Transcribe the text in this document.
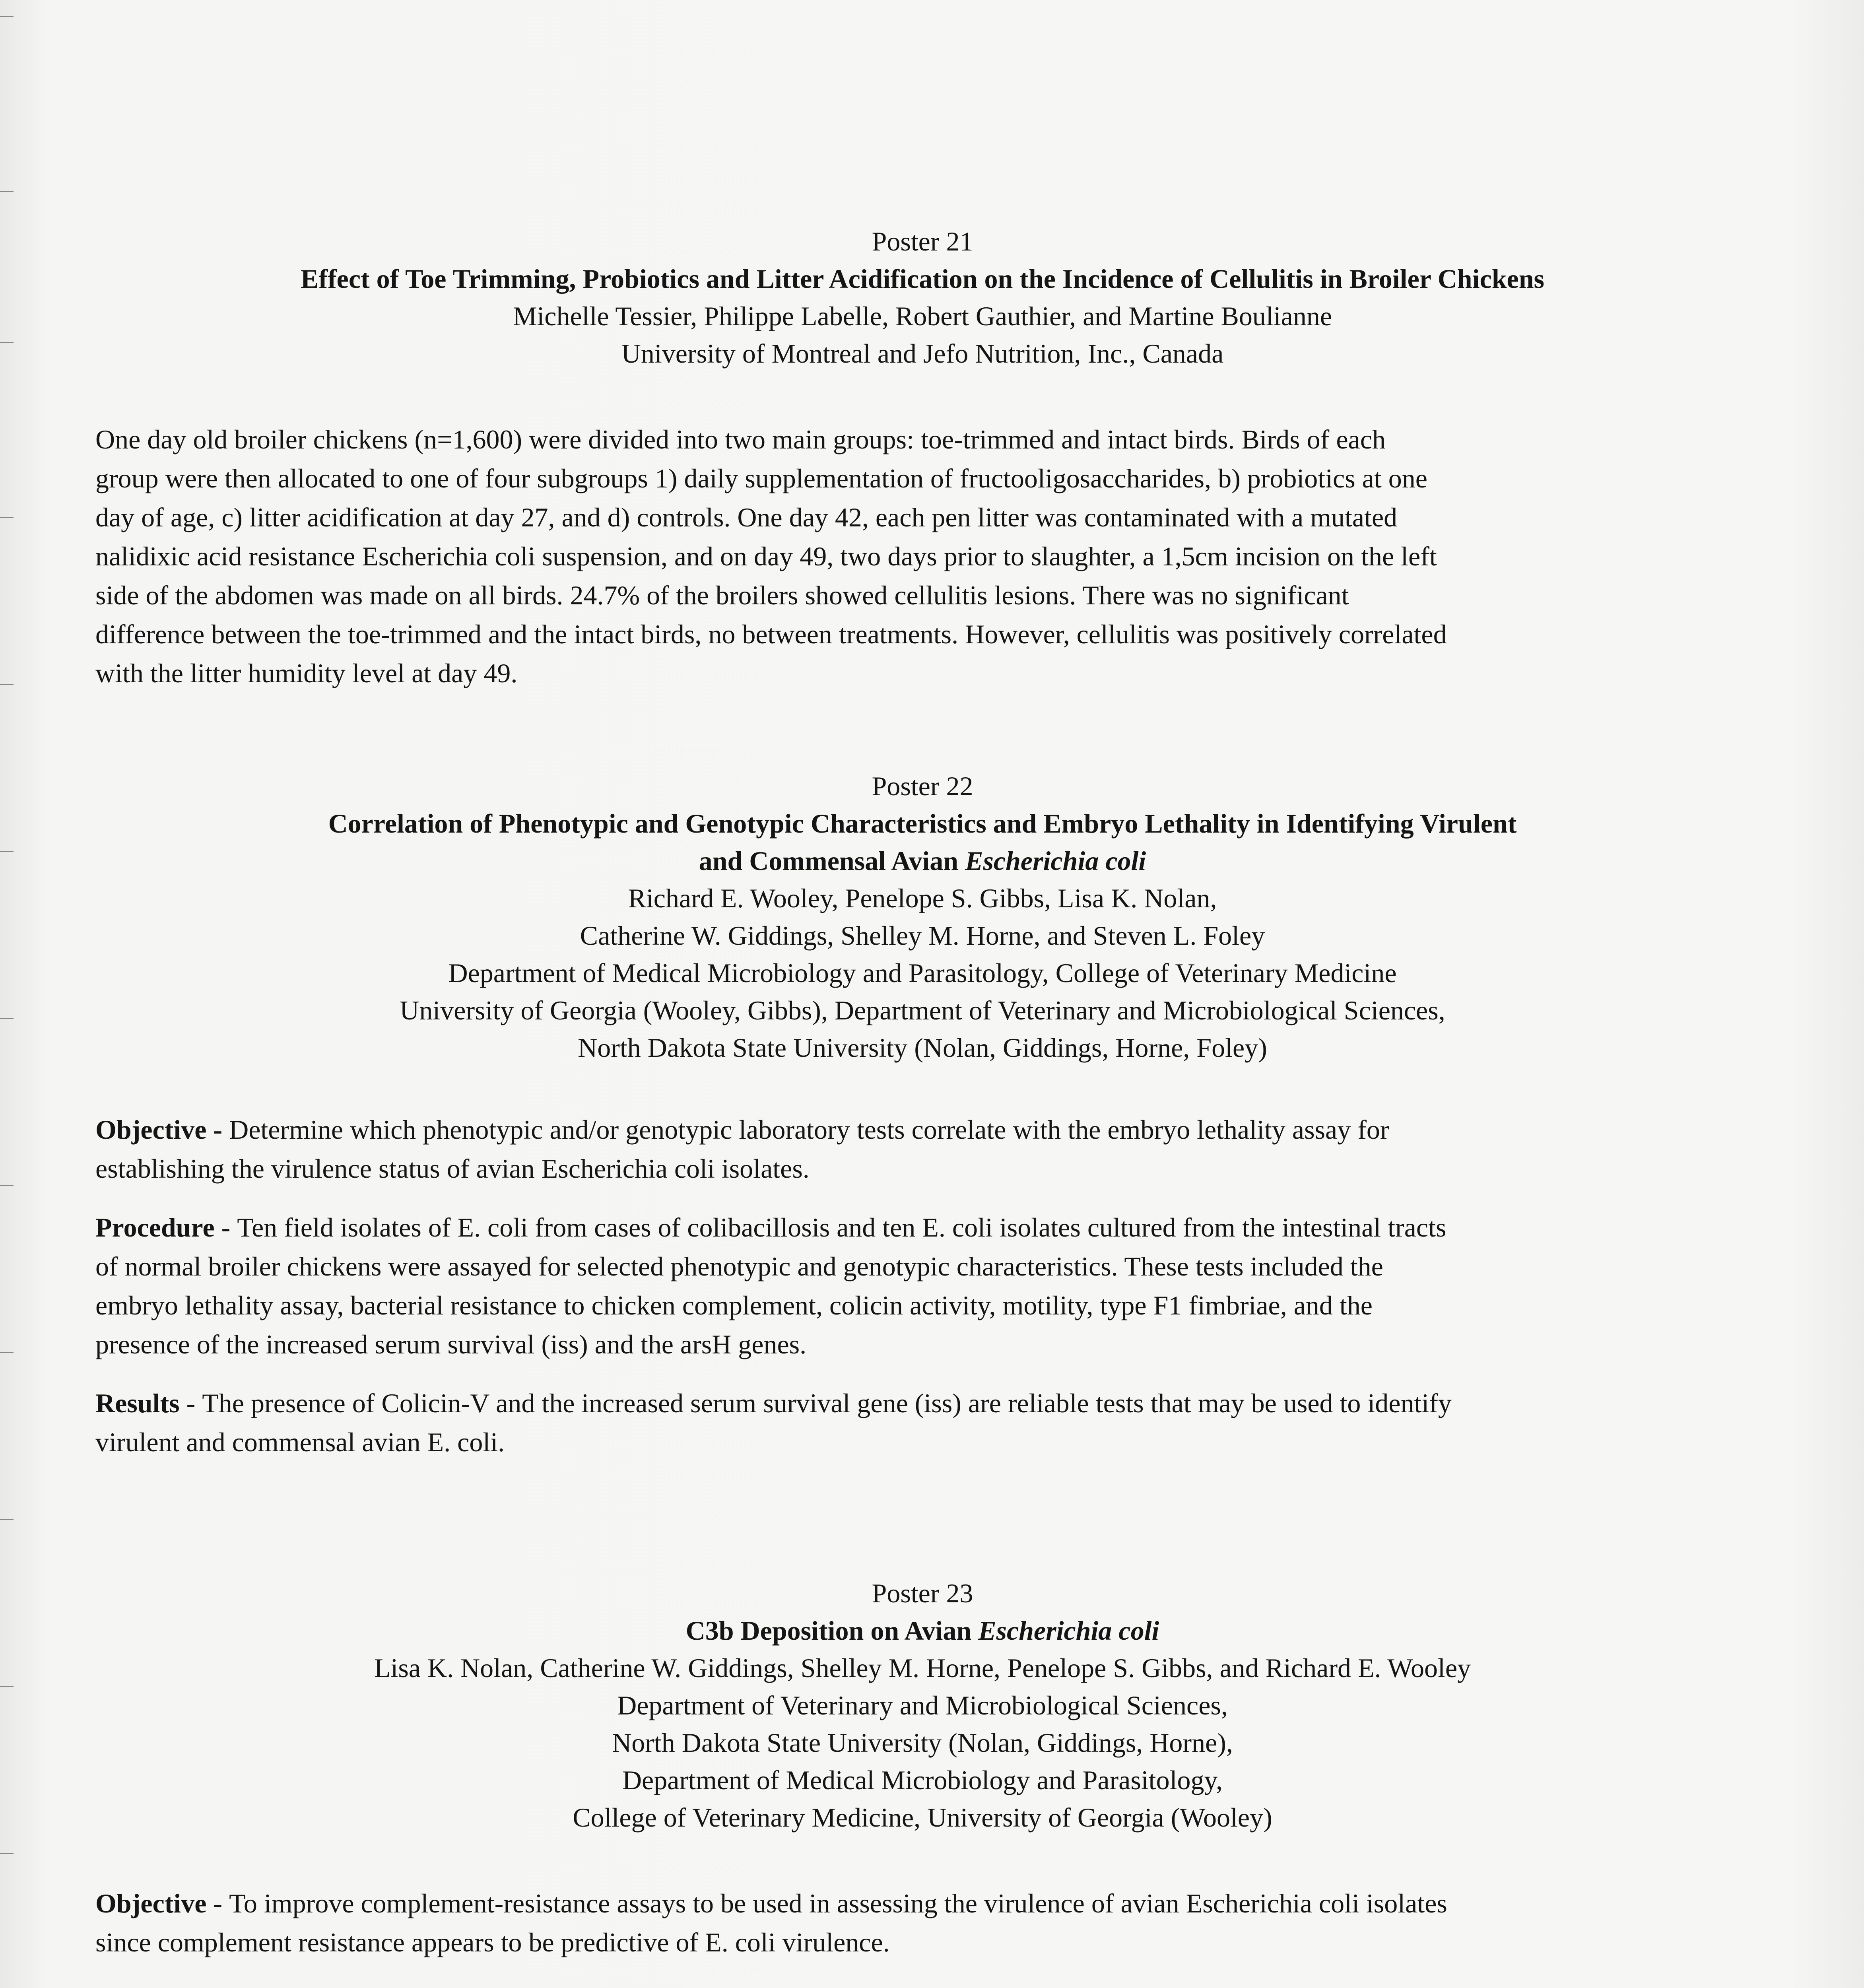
Poster 21
Effect of Toe Trimming, Probiotics and Litter Acidification on the Incidence of Cellulitis in Broiler Chickens
Michelle Tessier, Philippe Labelle, Robert Gauthier, and Martine Boulianne
University of Montreal and Jefo Nutrition, Inc., Canada

One day old broiler chickens (n=1,600) were divided into two main groups: toe-trimmed and intact birds. Birds of each

group were then allocated to one of four subgroups 1) daily supplementation of fructooligosaccharides, b) probiotics at one

day of age, c) litter acidification at day 27, and d) controls. One day 42, each pen litter was contaminated with a mutated

nalidixic acid resistance Escherichia coli suspension, and on day 49, two days prior to slaughter, a 1,5cm incision on the left

side of the abdomen was made on all birds. 24.7% of the broilers showed cellulitis lesions. There was no significant

difference between the toe-trimmed and the intact birds, no between treatments. However, cellulitis was positively correlated

with the litter humidity level at day 49.

Poster 22
Correlation of Phenotypic and Genotypic Characteristics and Embryo Lethality in Identifying Virulent
and Commensal Avian Escherichia coli
Richard E. Wooley, Penelope S. Gibbs, Lisa K. Nolan,
Catherine W. Giddings, Shelley M. Horne, and Steven L. Foley
Department of Medical Microbiology and Parasitology, College of Veterinary Medicine
University of Georgia (Wooley, Gibbs), Department of Veterinary and Microbiological Sciences,
North Dakota State University (Nolan, Giddings, Horne, Foley)

Objective - Determine which phenotypic and/or genotypic laboratory tests correlate with the embryo lethality assay for

establishing the virulence status of avian Escherichia coli isolates.

Procedure - Ten field isolates of E. coli from cases of colibacillosis and ten E. coli isolates cultured from the intestinal tracts

of normal broiler chickens were assayed for selected phenotypic and genotypic characteristics. These tests included the

embryo lethality assay, bacterial resistance to chicken complement, colicin activity, motility, type F1 fimbriae, and the

presence of the increased serum survival (iss) and the arsH genes.

Results - The presence of Colicin-V and the increased serum survival gene (iss) are reliable tests that may be used to identify

virulent and commensal avian E. coli.

Poster 23
C3b Deposition on Avian Escherichia coli
Lisa K. Nolan, Catherine W. Giddings, Shelley M. Horne, Penelope S. Gibbs, and Richard E. Wooley
Department of Veterinary and Microbiological Sciences,
North Dakota State University (Nolan, Giddings, Horne),
Department of Medical Microbiology and Parasitology,
College of Veterinary Medicine, University of Georgia (Wooley)

Objective - To improve complement-resistance assays to be used in assessing the virulence of avian Escherichia coli isolates

since complement resistance appears to be predictive of E. coli virulence.
